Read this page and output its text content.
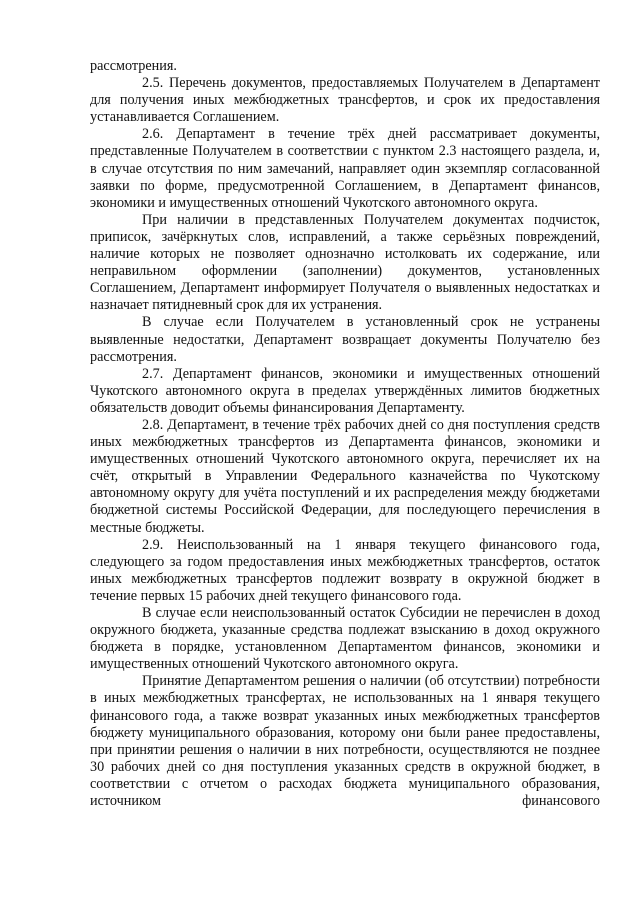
рассмотрения.

2.5. Перечень документов, предоставляемых Получателем в Департамент для получения иных межбюджетных трансфертов, и срок их предоставления устанавливается Соглашением.

2.6. Департамент в течение трёх дней рассматривает документы, представленные Получателем в соответствии с пунктом 2.3 настоящего раздела, и, в случае отсутствия по ним замечаний, направляет один экземпляр согласованной заявки по форме, предусмотренной Соглашением, в Департамент финансов, экономики и имущественных отношений Чукотского автономного округа.

При наличии в представленных Получателем документах подчисток, приписок, зачёркнутых слов, исправлений, а также серьёзных повреждений, наличие которых не позволяет однозначно истолковать их содержание, или неправильном оформлении (заполнении) документов, установленных Соглашением, Департамент информирует Получателя о выявленных недостатках и назначает пятидневный срок для их устранения.

В случае если Получателем в установленный срок не устранены выявленные недостатки, Департамент возвращает документы Получателю без рассмотрения.

2.7. Департамент финансов, экономики и имущественных отношений Чукотского автономного округа в пределах утверждённых лимитов бюджетных обязательств доводит объемы финансирования Департаменту.

2.8. Департамент, в течение трёх рабочих дней со дня поступления средств иных межбюджетных трансфертов из Департамента финансов, экономики и имущественных отношений Чукотского автономного округа, перечисляет их на счёт, открытый в Управлении Федерального казначейства по Чукотскому автономному округу для учёта поступлений и их распределения между бюджетами бюджетной системы Российской Федерации, для последующего перечисления в местные бюджеты.

2.9. Неиспользованный на 1 января текущего финансового года, следующего за годом предоставления иных межбюджетных трансфертов, остаток иных межбюджетных трансфертов подлежит возврату в окружной бюджет в течение первых 15 рабочих дней текущего финансового года.

В случае если неиспользованный остаток Субсидии не перечислен в доход окружного бюджета, указанные средства подлежат взысканию в доход окружного бюджета в порядке, установленном Департаментом финансов, экономики и имущественных отношений Чукотского автономного округа.

Принятие Департаментом решения о наличии (об отсутствии) потребности в иных межбюджетных трансфертах, не использованных на 1 января текущего финансового года, а также возврат указанных иных межбюджетных трансфертов бюджету муниципального образования, которому они были ранее предоставлены, при принятии решения о наличии в них потребности, осуществляются не позднее 30 рабочих дней со дня поступления указанных средств в окружной бюджет, в соответствии с отчетом о расходах бюджета муниципального образования, источником финансового
